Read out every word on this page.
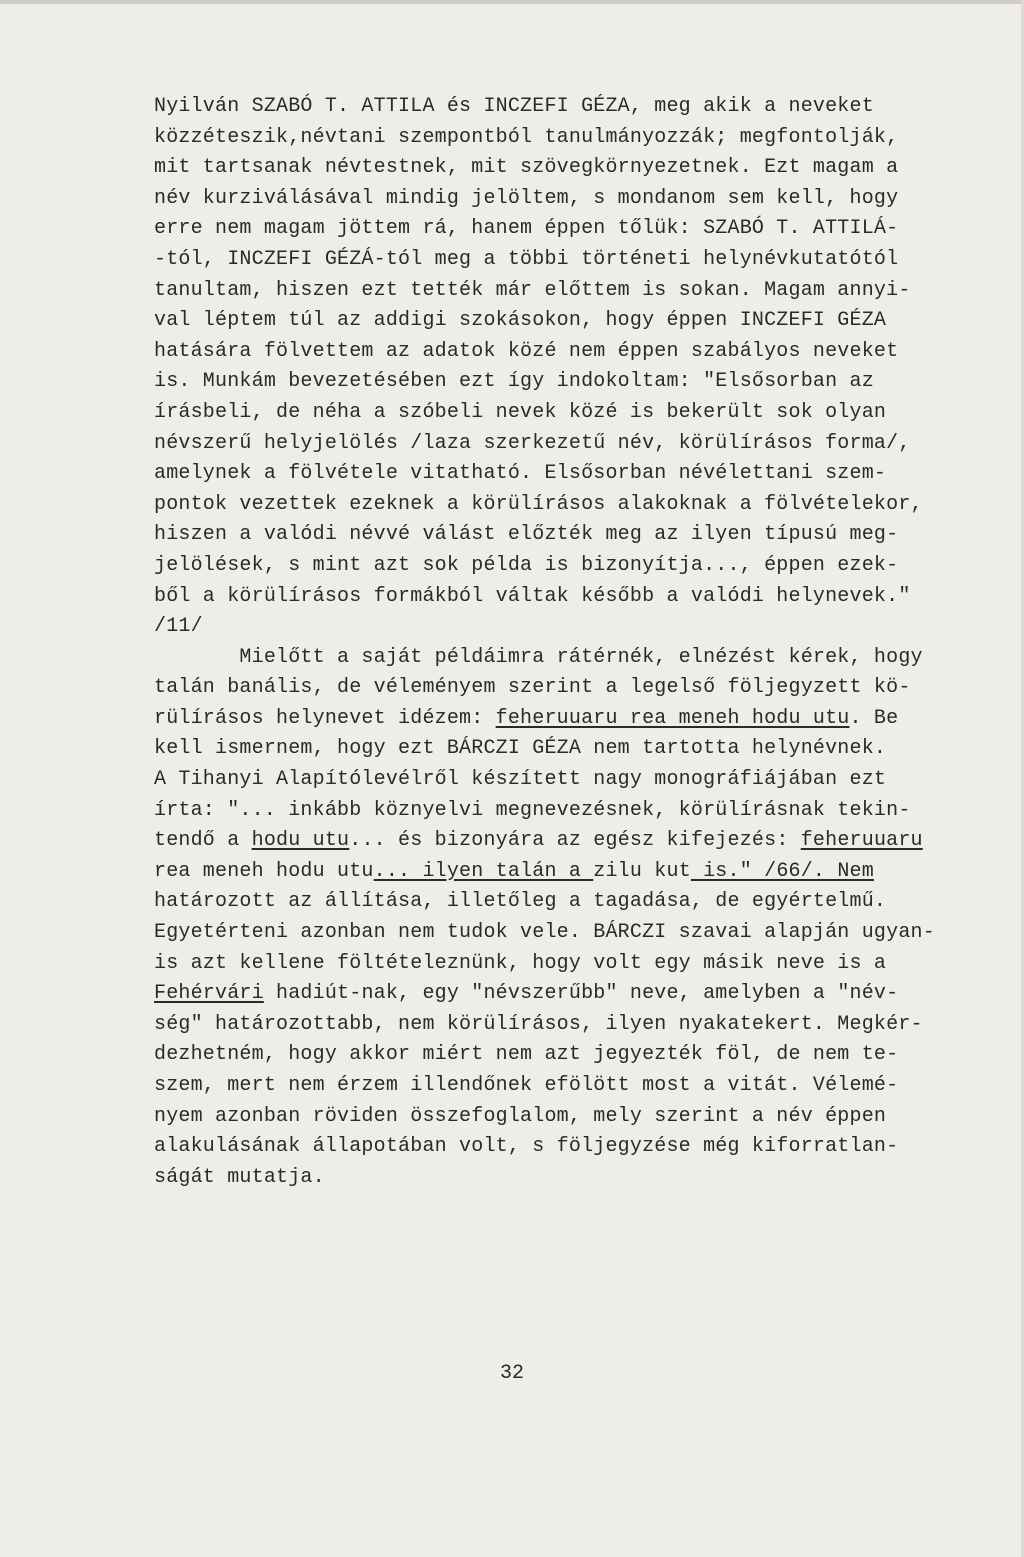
Nyilván SZABÓ T. ATTILA és INCZEFI GÉZA, meg akik a neveket
közzéteszik,névtani szempontból tanulmányozzák; megfontolják,
mit tartsanak névtestnek, mit szövegkörnyezetnek. Ezt magam a
név kurziválásával mindig jelöltem, s mondanom sem kell, hogy
erre nem magam jöttem rá, hanem éppen tőlük: SZABÓ T. ATTILÁ-
-tól, INCZEFI GÉZÁ-tól meg a többi történeti helynévkutatótól
tanultam, hiszen ezt tették már előttem is sokan. Magam annyi-
val léptem túl az addigi szokásokon, hogy éppen INCZEFI GÉZA
hatására fölvettem az adatok közé nem éppen szabályos neveket
is. Munkám bevezetésében ezt így indokoltam: "Elsősorban az
írásbeli, de néha a szóbeli nevek közé is bekerült sok olyan
névszerű helyjelölés /laza szerkezetű név, körülírásos forma/,
amelynek a fölvétele vitatható. Elsősorban névélettani szem-
pontok vezettek ezeknek a körülírásos alakoknak a fölvételekor,
hiszen a valódi névvé válást előzték meg az ilyen típusú meg-
jelölések, s mint azt sok példa is bizonyítja..., éppen ezek-
ből a körülírásos formákból váltak később a valódi helynevek."
/11/
Mielőtt a saját példáimra rátérnék, elnézést kérek, hogy
talán banális, de véleményem szerint a legelső följegyzett kö-
rülírásos helynevet idézem: feheruuaru rea meneh hodu utu. Be
kell ismernem, hogy ezt BÁRCZI GÉZA nem tartotta helynévnek.
A Tihanyi Alapítólevélről készített nagy monográfiájában ezt
írta: "... inkább köznyelvi megnevezésnek, körülírásnak tekin-
tendő a hodu utu... és bizonyára az egész kifejezés: feheruuaru
rea meneh hodu utu... ilyen talán a zilu kut is." /66/. Nem
határozott az állítása, illetőleg a tagadása, de egyértelmű.
Egyetérteni azonban nem tudok vele. BÁRCZI szavai alapján ugyan-
is azt kellene föltételeznünk, hogy volt egy másik neve is a
Fehérvári hadiút-nak, egy "névszerűbb" neve, amelyben a "név-
ség" határozottabb, nem körülírásos, ilyen nyakatekert. Megkér-
dezhetném, hogy akkor miért nem azt jegyezték föl, de nem te-
szem, mert nem érzem illendőnek efölött most a vitát. Vélemé-
nyem azonban röviden összefoglalom, mely szerint a név éppen
alakulásának állapotában volt, s följegyzése még kiforratlan-
ságát mutatja.
32
